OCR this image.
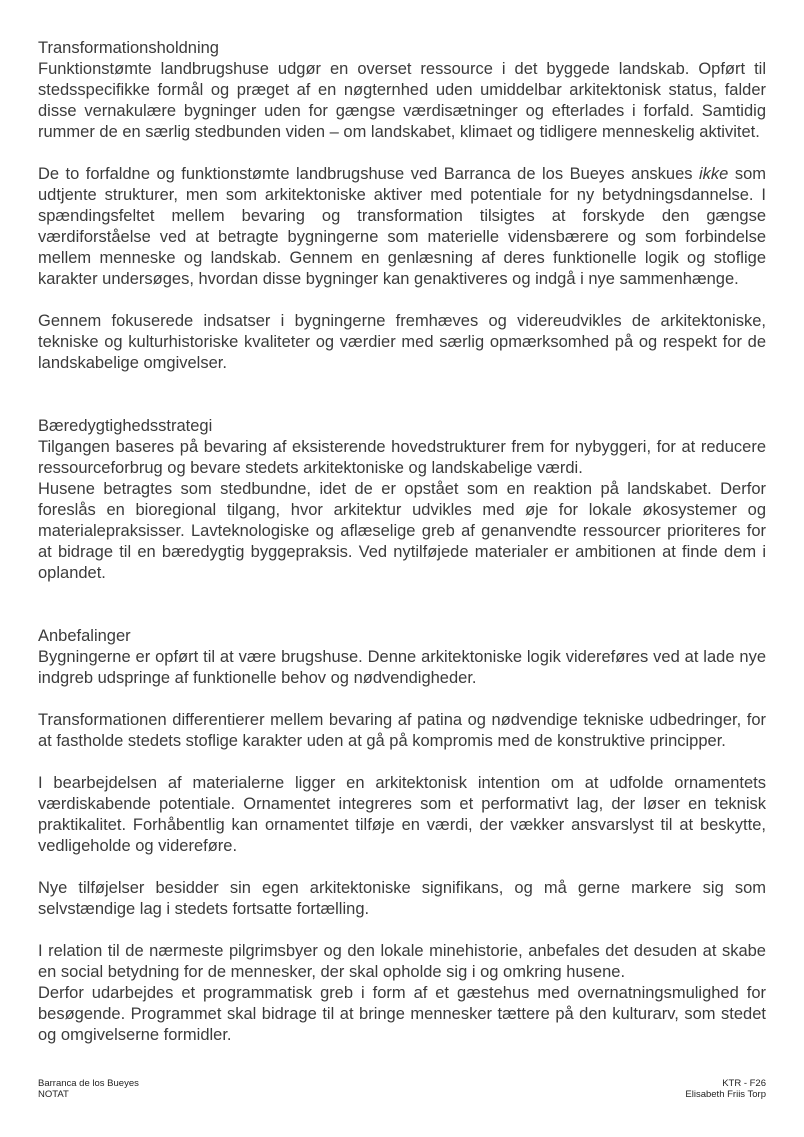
Transformationsholdning

Funktionstømte landbrugshuse udgør en overset ressource i det byggede landskab. Opført til stedsspecifikke formål og præget af en nøgternhed uden umiddelbar arkitektonisk status, falder disse vernakulære bygninger uden for gængse værdisætninger og efterlades i forfald. Samtidig rummer de en særlig stedbunden viden – om landskabet, klimaet og tidligere menneskelig aktivitet.

De to forfaldne og funktionstømte landbrugshuse ved Barranca de los Bueyes anskues ikke som udtjente strukturer, men som arkitektoniske aktiver med potentiale for ny betydningsdannelse. I spændingsfeltet mellem bevaring og transformation tilsigtes at forskyde den gængse værdiforståelse ved at betragte bygningerne som materielle vidensbærere og som forbindelse mellem menneske og landskab. Gennem en genlæsning af deres funktionelle logik og stoflige karakter undersøges, hvordan disse bygninger kan genaktiveres og indgå i nye sammenhænge.

Gennem fokuserede indsatser i bygningerne fremhæves og videreudvikles de arkitektoniske, tekniske og kulturhistoriske kvaliteter og værdier med særlig opmærksomhed på og respekt for de landskabelige omgivelser.

Bæredygtighedsstrategi

Tilgangen baseres på bevaring af eksisterende hovedstrukturer frem for nybyggeri, for at reducere ressourceforbrug og bevare stedets arkitektoniske og landskabelige værdi.

Husene betragtes som stedbundne, idet de er opstået som en reaktion på landskabet. Derfor foreslås en bioregional tilgang, hvor arkitektur udvikles med øje for lokale økosystemer og materialepraksisser. Lavteknologiske og aflæselige greb af genanvendte ressourcer prioriteres for at bidrage til en bæredygtig byggepraksis. Ved nytilføjede materialer er ambitionen at finde dem i oplandet.

Anbefalinger

Bygningerne er opført til at være brugshuse. Denne arkitektoniske logik videreføres ved at lade nye indgreb udspringe af funktionelle behov og nødvendigheder.

Transformationen differentierer mellem bevaring af patina og nødvendige tekniske udbedringer, for at fastholde stedets stoflige karakter uden at gå på kompromis med de konstruktive principper.

I bearbejdelsen af materialerne ligger en arkitektonisk intention om at udfolde ornamentets værdiskabende potentiale. Ornamentet integreres som et performativt lag, der løser en teknisk praktikalitet. Forhåbentlig kan ornamentet tilføje en værdi, der vækker ansvarslyst til at beskytte, vedligeholde og videreføre.

Nye tilføjelser besidder sin egen arkitektoniske signifikans, og må gerne markere sig som selvstændige lag i stedets fortsatte fortælling.

I relation til de nærmeste pilgrimsbyer og den lokale minehistorie, anbefales det desuden at skabe en social betydning for de mennesker, der skal opholde sig i og omkring husene.

Derfor udarbejdes et programmatisk greb i form af et gæstehus med overnatningsmulighed for besøgende. Programmet skal bidrage til at bringe mennesker tættere på den kulturarv, som stedet og omgivelserne formidler.

Barranca de los Bueyes
NOTAT
KTR - F26
Elisabeth Friis Torp
